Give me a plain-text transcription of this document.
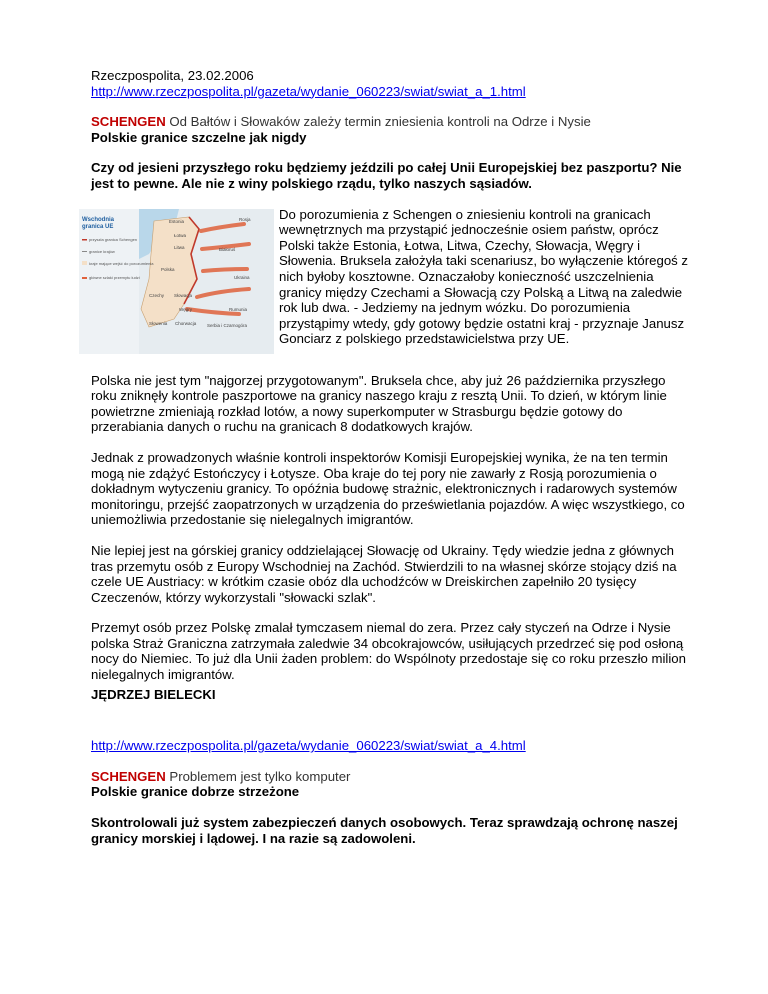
Rzeczpospolita, 23.02.2006

http://www.rzeczpospolita.pl/gazeta/wydanie_060223/swiat/swiat_a_1.html

SCHENGEN Od Bałtów i Słowaków zależy termin zniesienia kontroli na Odrze i Nysie

Polskie granice szczelne jak nigdy

Czy od jesieni przyszłego roku będziemy jeździli po całej Unii Europejskiej bez paszportu? Nie jest to pewne. Ale nie z winy polskiego rządu, tylko naszych sąsiadów.

Wschodnia
granica UE
przyszła granica Schengen
granice krajów
kraje mające wejść do porozumienia
główne szlaki przemytu ludzi
Estonia
Łotwa
Litwa
Rosja
Białoruś
Polska
Ukraina
Czechy Słowacja
Węgry	Rumunia
Słowenia Chorwacja Serbia i Czarnogóra

Do porozumienia z Schengen o zniesieniu kontroli na granicach wewnętrznych ma przystąpić jednocześnie osiem państw, oprócz Polski także Estonia, Łotwa, Litwa, Czechy, Słowacja, Węgry i Słowenia. Bruksela założyła taki scenariusz, bo wyłączenie któregoś z nich byłoby kosztowne. Oznaczałoby konieczność uszczelnienia granicy między Czechami a Słowacją czy Polską a Litwą na zaledwie rok lub dwa. - Jedziemy na jednym wózku. Do porozumienia przystąpimy wtedy, gdy gotowy będzie ostatni kraj - przyznaje Janusz Gonciarz z polskiego przedstawicielstwa przy UE.

Polska nie jest tym "najgorzej przygotowanym". Bruksela chce, aby już 26 października przyszłego roku zniknęły kontrole paszportowe na granicy naszego kraju z resztą Unii. To dzień, w którym linie powietrzne zmieniają rozkład lotów, a nowy superkomputer w Strasburgu będzie gotowy do przerabiania danych o ruchu na granicach 8 dodatkowych krajów.

Jednak z prowadzonych właśnie kontroli inspektorów Komisji Europejskiej wynika, że na ten termin mogą nie zdążyć Estończycy i Łotysze. Oba kraje do tej pory nie zawarły z Rosją porozumienia o dokładnym wytyczeniu granicy. To opóźnia budowę strażnic, elektronicznych i radarowych systemów monitoringu, przejść zaopatrzonych w urządzenia do prześwietlania pojazdów. A więc wszystkiego, co uniemożliwia przedostanie się nielegalnych imigrantów.

Nie lepiej jest na górskiej granicy oddzielającej Słowację od Ukrainy. Tędy wiedzie jedna z głównych tras przemytu osób z Europy Wschodniej na Zachód. Stwierdzili to na własnej skórze stojący dziś na czele UE Austriacy: w krótkim czasie obóz dla uchodźców w Dreiskirchen zapełniło 20 tysięcy Czeczenów, którzy wykorzystali "słowacki szlak".

Przemyt osób przez Polskę zmalał tymczasem niemal do zera. Przez cały styczeń na Odrze i Nysie polska Straż Graniczna zatrzymała zaledwie 34 obcokrajowców, usiłujących przedrzeć się pod osłoną nocy do Niemiec. To już dla Unii żaden problem: do Wspólnoty przedostaje się co roku przeszło milion nielegalnych imigrantów.

JĘDRZEJ BIELECKI

http://www.rzeczpospolita.pl/gazeta/wydanie_060223/swiat/swiat_a_4.html

SCHENGEN Problemem jest tylko komputer

Polskie granice dobrze strzeżone

Skontrolowali już system zabezpieczeń danych osobowych. Teraz sprawdzają ochronę naszej granicy morskiej i lądowej. I na razie są zadowoleni.
